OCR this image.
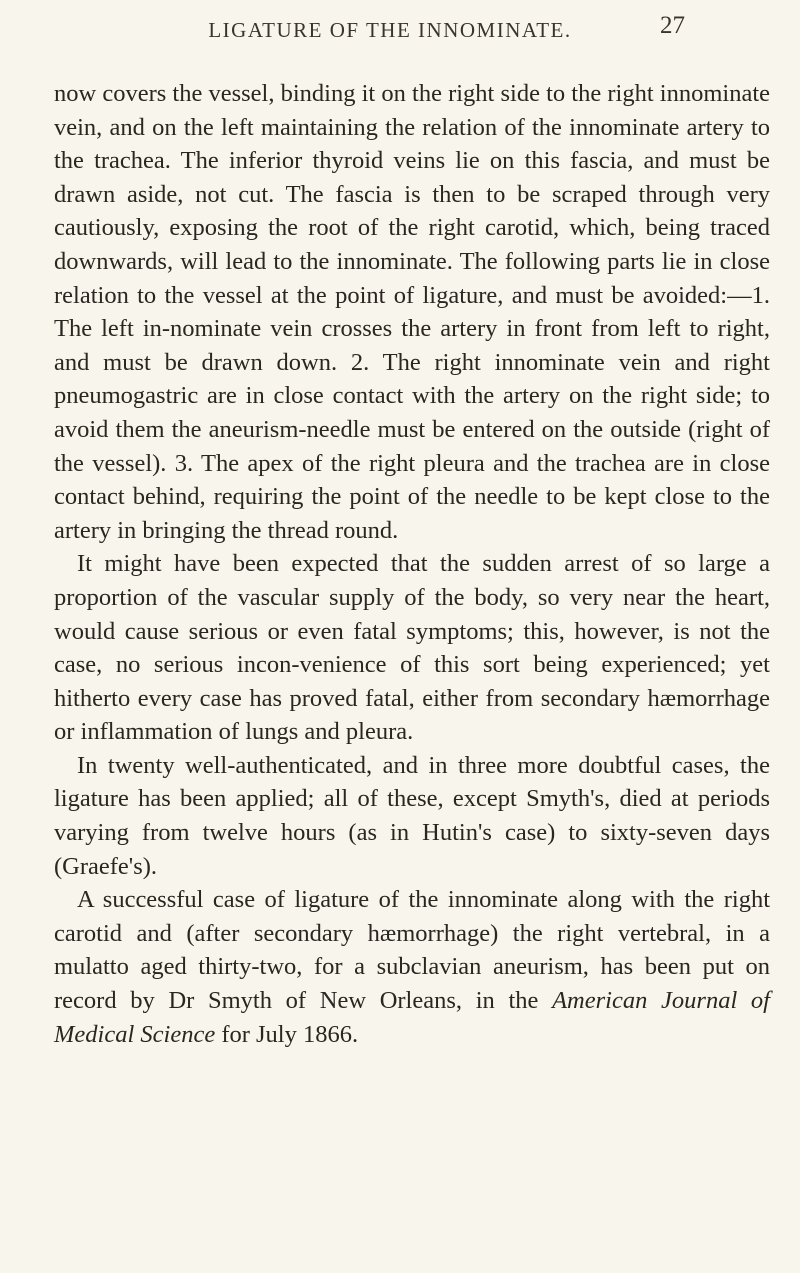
LIGATURE OF THE INNOMINATE.	27

now covers the vessel, binding it on the right side to the right innominate vein, and on the left maintaining the relation of the innominate artery to the trachea. The inferior thyroid veins lie on this fascia, and must be drawn aside, not cut. The fascia is then to be scraped through very cautiously, exposing the root of the right carotid, which, being traced downwards, will lead to the innominate. The following parts lie in close relation to the vessel at the point of ligature, and must be avoided:—1. The left in-nominate vein crosses the artery in front from left to right, and must be drawn down. 2. The right innominate vein and right pneumogastric are in close contact with the artery on the right side; to avoid them the aneurism-needle must be entered on the outside (right of the vessel). 3. The apex of the right pleura and the trachea are in close contact behind, requiring the point of the needle to be kept close to the artery in bringing the thread round.

It might have been expected that the sudden arrest of so large a proportion of the vascular supply of the body, so very near the heart, would cause serious or even fatal symptoms; this, however, is not the case, no serious incon-venience of this sort being experienced; yet hitherto every case has proved fatal, either from secondary hæmorrhage or inflammation of lungs and pleura.

In twenty well-authenticated, and in three more doubtful cases, the ligature has been applied; all of these, except Smyth's, died at periods varying from twelve hours (as in Hutin's case) to sixty-seven days (Graefe's).

A successful case of ligature of the innominate along with the right carotid and (after secondary hæmorrhage) the right vertebral, in a mulatto aged thirty-two, for a subclavian aneurism, has been put on record by Dr Smyth of New Orleans, in the American Journal of Medical Science for July 1866.
